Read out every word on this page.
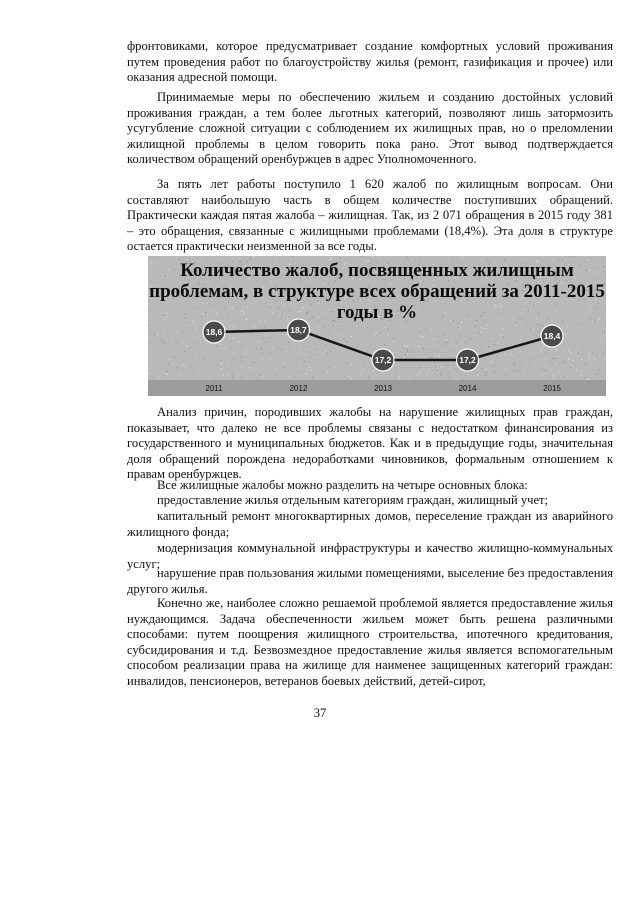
фронтовиками, которое предусматривает создание комфортных условий проживания путем проведения работ по благоустройству жилья (ремонт, газификация и прочее) или оказания адресной помощи.

Принимаемые меры по обеспечению жильем и созданию достойных условий проживания граждан, а тем более льготных категорий, позволяют лишь затормозить усугубление сложной ситуации с соблюдением их жилищных прав, но о преломлении жилищной проблемы в целом говорить пока рано. Этот вывод подтверждается количеством обращений оренбуржцев в адрес Уполномоченного.

За пять лет работы поступило 1 620 жалоб по жилищным вопросам. Они составляют наибольшую часть в общем количестве поступивших обращений. Практически каждая пятая жалоба – жилищная. Так, из 2 071 обращения в 2015 году 381 – это обращения, связанные с жилищными проблемами (18,4%). Эта доля в структуре остается практически неизменной за все годы.

18,6	18,7
17,2	17,2
18,4
2011	2012	2013	2014	2015

Количество жалоб, посвященных жилищным проблемам, в структуре всех обращений за 2011-2015 годы в %

Анализ причин, породивших жалобы на нарушение жилищных прав граждан, показывает, что далеко не все проблемы связаны с недостатком финансирования из государственного и муниципальных бюджетов. Как и в предыдущие годы, значительная доля обращений порождена недоработками чиновников, формальным отношением к правам оренбуржцев.

Все жилищные жалобы можно разделить на четыре основных блока:

предоставление жилья отдельным категориям граждан, жилищный учет;

капитальный ремонт многоквартирных домов, переселение граждан из аварийного жилищного фонда;

модернизация коммунальной инфраструктуры и качество жилищно-коммунальных услуг;

нарушение прав пользования жилыми помещениями, выселение без предоставления другого жилья.

Конечно же, наиболее сложно решаемой проблемой является предоставление жилья нуждающимся. Задача обеспеченности жильем может быть решена различными способами: путем поощрения жилищного строительства, ипотечного кредитования, субсидирования и т.д. Безвозмездное предоставление жилья является вспомогательным способом реализации права на жилище для наименее защищенных категорий граждан: инвалидов, пенсионеров, ветеранов боевых действий, детей-сирот,

37
